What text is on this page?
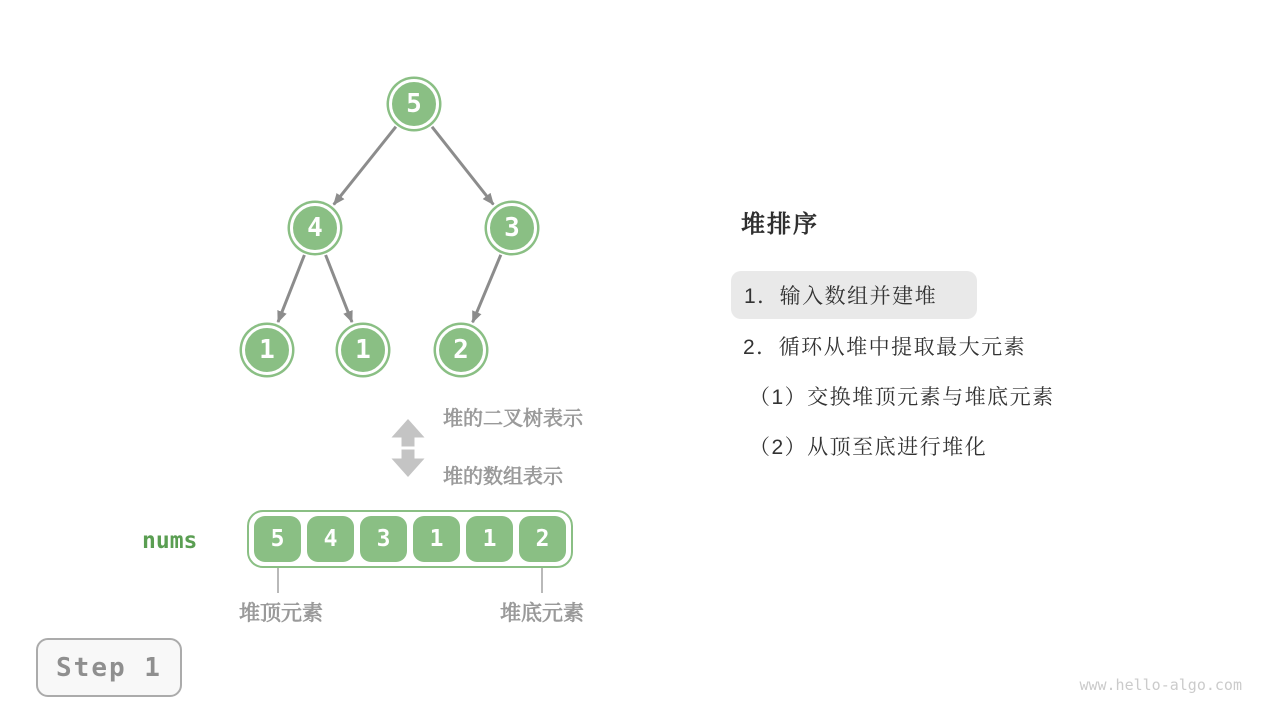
5
4	3
1	1	2
堆的二叉树表示
堆的数组表示
nums	5	4	3	1	1	2
堆顶元素	堆底元素
堆排序
1．输入数组并建堆
2．循环从堆中提取最大元素
（1）交换堆顶元素与堆底元素
（2）从顶至底进行堆化
Step 1
www.hello-algo.com
